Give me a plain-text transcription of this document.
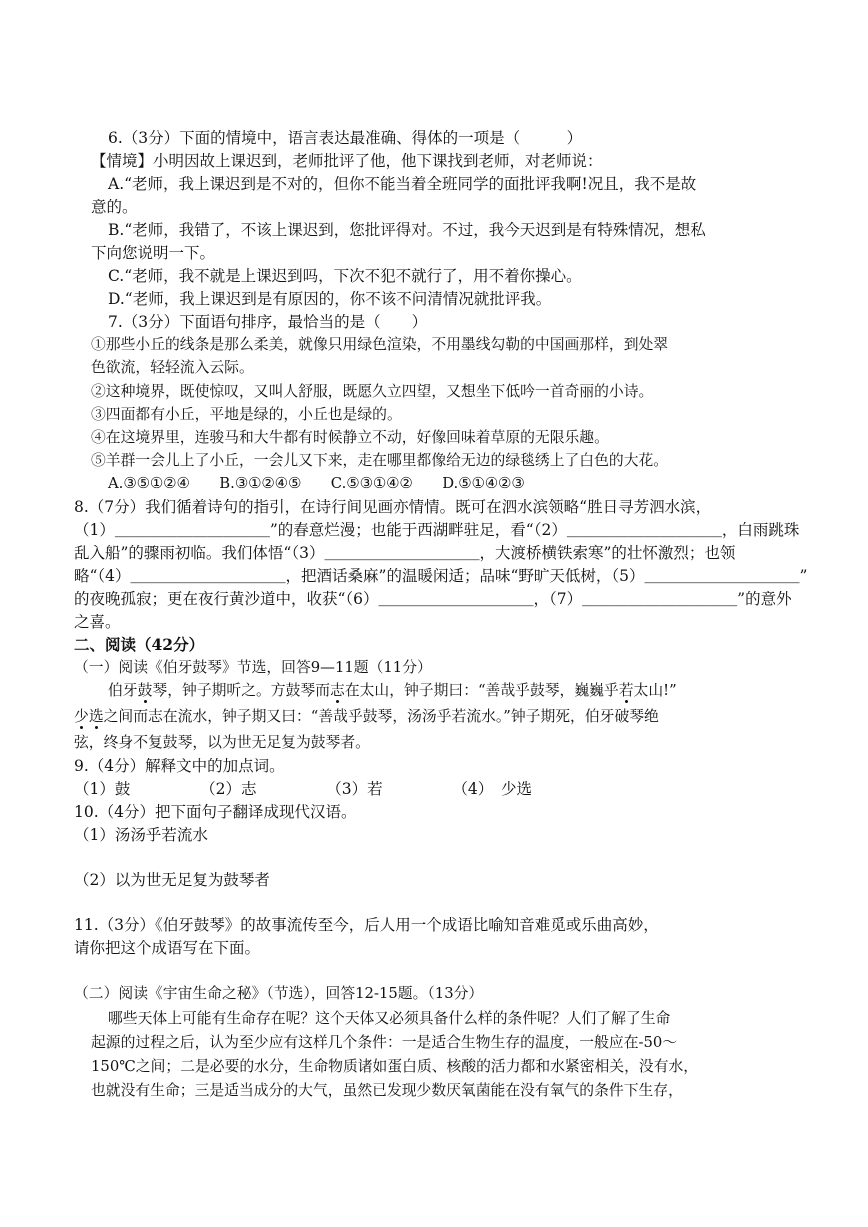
6.（3分）下面的情境中，语言表达最准确、得体的一项是（　　　）
【情境】小明因故上课迟到，老师批评了他，他下课找到老师，对老师说：
A.“老师，我上课迟到是不对的，但你不能当着全班同学的面批评我啊!况且，我不是故
意的。
B.“老师，我错了，不该上课迟到，您批评得对。不过，我今天迟到是有特殊情况，想私
下向您说明一下。
C.“老师，我不就是上课迟到吗，下次不犯不就行了，用不着你操心。
D.“老师，我上课迟到是有原因的，你不该不问清情况就批评我。
7.（3分）下面语句排序，最恰当的是（　　）
①那些小丘的线条是那么柔美，就像只用绿色渲染，不用墨线勾勒的中国画那样，到处翠
色欲流，轻轻流入云际。
②这种境界，既使惊叹，又叫人舒服，既愿久立四望，又想坐下低吟一首奇丽的小诗。
③四面都有小丘，平地是绿的，小丘也是绿的。
④在这境界里，连骏马和大牛都有时候静立不动，好像回味着草原的无限乐趣。
⑤羊群一会儿上了小丘，一会儿又下来，走在哪里都像给无边的绿毯绣上了白色的大花。
A.③⑤①②④　　B.③①②④⑤　　C.⑤③①④②　　D.⑤①④②③
8.（7分）我们循着诗句的指引，在诗行间见画亦情情。既可在泗水滨领略“胜日寻芳泗水滨，
（1）＿＿＿＿＿＿＿＿＿＿”的春意烂漫；也能于西湖畔驻足，看“（2）＿＿＿＿＿＿＿＿＿＿，白雨跳珠
乱入船”的骤雨初临。我们体悟“（3）＿＿＿＿＿＿＿＿＿＿，大渡桥横铁索寒”的壮怀激烈；也领
略“（4）＿＿＿＿＿＿＿＿＿＿，把酒话桑麻”的温暖闲适；品味“野旷天低树，（5）＿＿＿＿＿＿＿＿＿＿”
的夜晚孤寂；更在夜行黄沙道中，收获“（6）＿＿＿＿＿＿＿＿＿＿，（7）＿＿＿＿＿＿＿＿＿＿”的意外
之喜。
二、阅读（42分）
（一）阅读《伯牙鼓琴》节选，回答9—11题（11分）
伯牙鼓琴，钟子期听之。方鼓琴而志在太山，钟子期曰：“善哉乎鼓琴，巍巍乎若太山!”
少选之间而志在流水，钟子期又曰：“善哉乎鼓琴，汤汤乎若流水。”钟子期死，伯牙破琴绝
弦，终身不复鼓琴，以为世无足复为鼓琴者。
9.（4分）解释文中的加点词。
（1）鼓　　　　　（2）志　　　　　（3）若　　　　　（4）　少选
10.（4分）把下面句子翻译成现代汉语。
（1）汤汤乎若流水
（2）以为世无足复为鼓琴者
11.（3分）《伯牙鼓琴》的故事流传至今，后人用一个成语比喻知音难觅或乐曲高妙，
请你把这个成语写在下面。
（二）阅读《宇宙生命之秘》（节选），回答12-15题。（13分）
哪些天体上可能有生命存在呢？这个天体又必须具备什么样的条件呢？人们了解了生命
起源的过程之后，认为至少应有这样几个条件：一是适合生物生存的温度，一般应在-50～
150℃之间；二是必要的水分，生命物质诸如蛋白质、核酸的活力都和水紧密相关，没有水，
也就没有生命；三是适当成分的大气，虽然已发现少数厌氧菌能在没有氧气的条件下生存，
